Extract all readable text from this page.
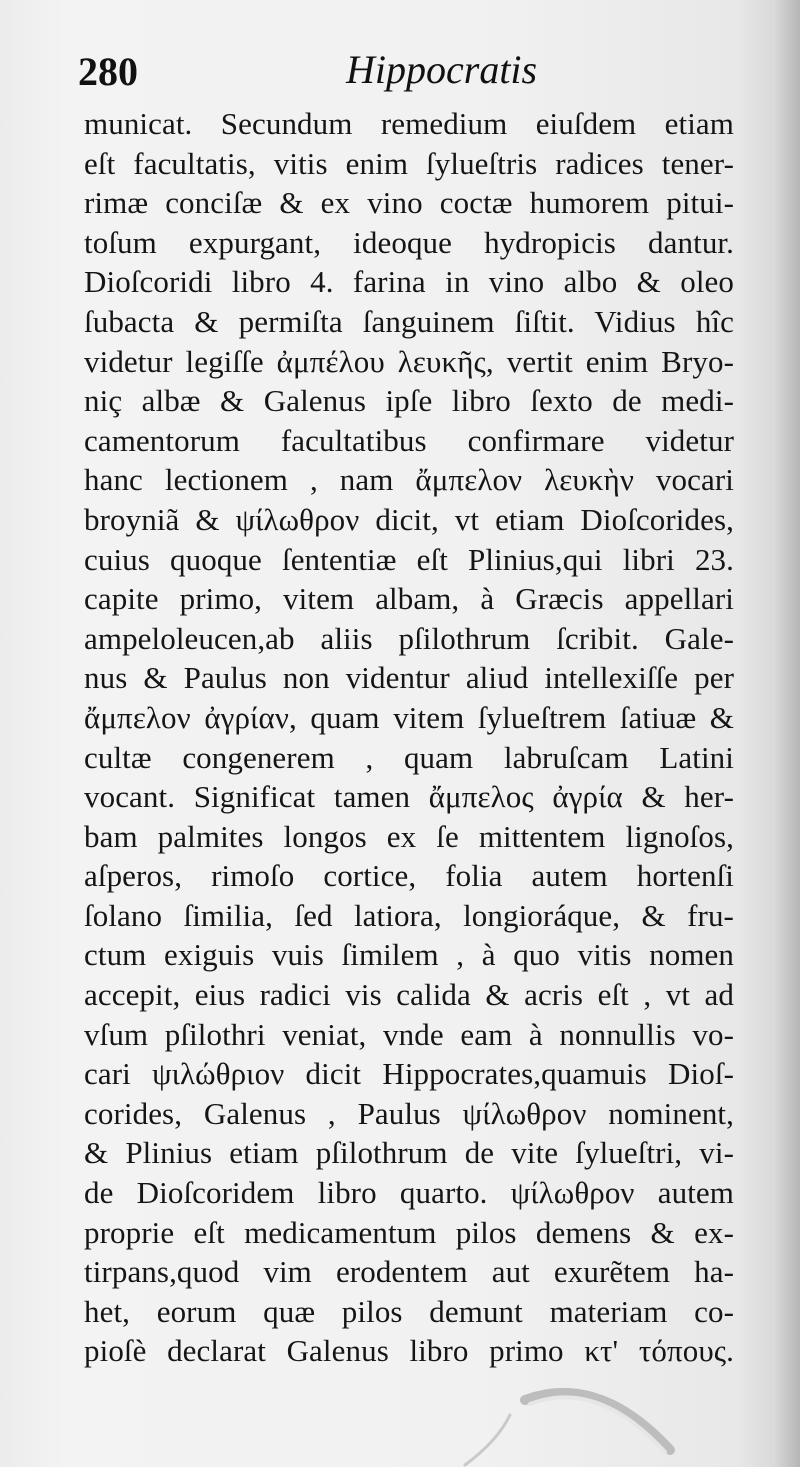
280	Hippocratis
municat. Secundum remedium eiuſdem etiam
eſt facultatis, vitis enim ſylueſtris radices tener-
rimæ conciſæ & ex vino coctæ humorem pitui-
toſum expurgant, ideoque hydropicis dantur.
Dioſcoridi libro 4. farina in vino albo & oleo
ſubacta & permiſta ſanguinem ſiſtit. Vidius hîc
videtur legiſſe ἀμπέλου λευκῆς, vertit enim Bryo-
niç albæ & Galenus ipſe libro ſexto de medi-
camentorum facultatibus confirmare videtur
hanc lectionem , nam ἄμπελον λευκὴν vocari
broyniã & ψίλωθρον dicit, vt etiam Dioſcorides,
cuius quoque ſententiæ eſt Plinius,qui libri 23.
capite primo, vitem albam, à Græcis appellari
ampeloleucen,ab aliis pſilothrum ſcribit. Gale-
nus & Paulus non videntur aliud intellexiſſe per
ἄμπελον ἀγρίαν, quam vitem ſylueſtrem ſatiuæ &
cultæ congenerem , quam labruſcam Latini
vocant. Significat tamen ἄμπελος ἀγρία & her-
bam palmites longos ex ſe mittentem lignoſos,
aſperos, rimoſo cortice, folia autem hortenſi
ſolano ſimilia, ſed latiora, longioráque, & fru-
ctum exiguis vuis ſimilem , à quo vitis nomen
accepit, eius radici vis calida & acris eſt , vt ad
vſum pſilothri veniat, vnde eam à nonnullis vo-
cari ψιλώθριον dicit Hippocrates,quamuis Dioſ-
corides, Galenus , Paulus ψίλωθρον nominent,
& Plinius etiam pſilothrum de vite ſylueſtri, vi-
de Dioſcoridem libro quarto. ψίλωθρον autem
proprie eſt medicamentum pilos demens & ex-
tirpans,quod vim erodentem aut exurẽtem ha-
het, eorum quæ pilos demunt materiam co-
pioſè declarat Galenus libro primo κτ' τόπους.
